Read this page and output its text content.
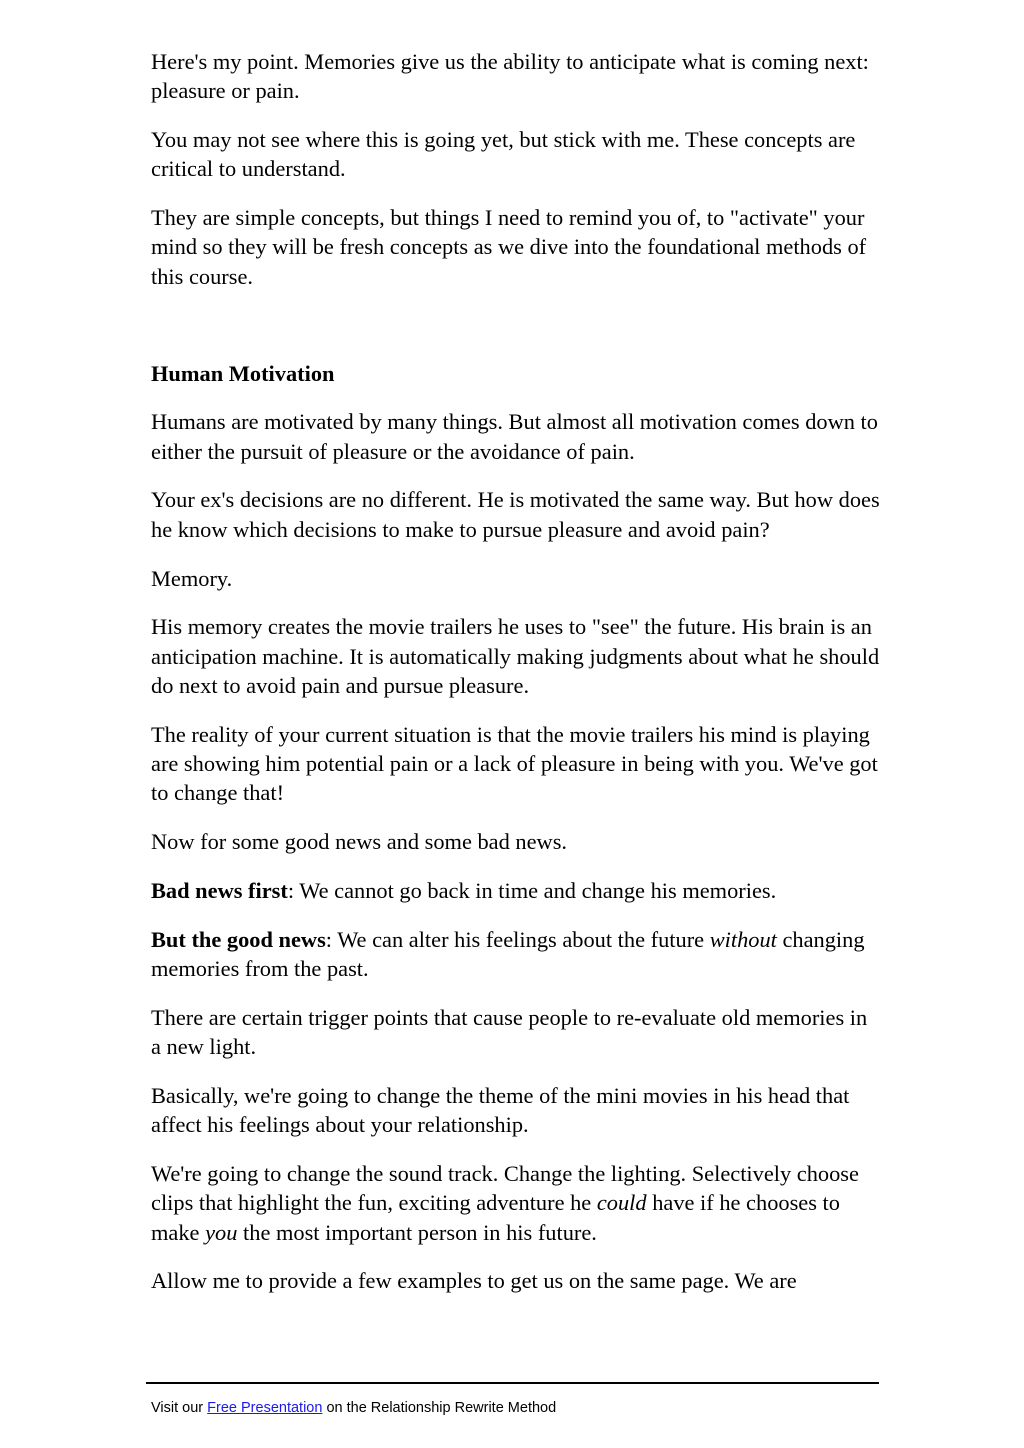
Here's my point. Memories give us the ability to anticipate what is coming next: pleasure or pain.

You may not see where this is going yet, but stick with me. These concepts are critical to understand.

They are simple concepts, but things I need to remind you of, to "activate" your mind so they will be fresh concepts as we dive into the foundational methods of this course.

Human Motivation

Humans are motivated by many things. But almost all motivation comes down to either the pursuit of pleasure or the avoidance of pain.

Your ex's decisions are no different. He is motivated the same way. But how does he know which decisions to make to pursue pleasure and avoid pain?

Memory.

His memory creates the movie trailers he uses to "see" the future. His brain is an anticipation machine. It is automatically making judgments about what he should do next to avoid pain and pursue pleasure.

The reality of your current situation is that the movie trailers his mind is playing are showing him potential pain or a lack of pleasure in being with you. We've got to change that!

Now for some good news and some bad news.

Bad news first: We cannot go back in time and change his memories.

But the good news: We can alter his feelings about the future without changing memories from the past.

There are certain trigger points that cause people to re-evaluate old memories in a new light.

Basically, we're going to change the theme of the mini movies in his head that affect his feelings about your relationship.

We're going to change the sound track. Change the lighting. Selectively choose clips that highlight the fun, exciting adventure he could have if he chooses to make you the most important person in his future.

Allow me to provide a few examples to get us on the same page. We are

Visit our Free Presentation on the Relationship Rewrite Method
